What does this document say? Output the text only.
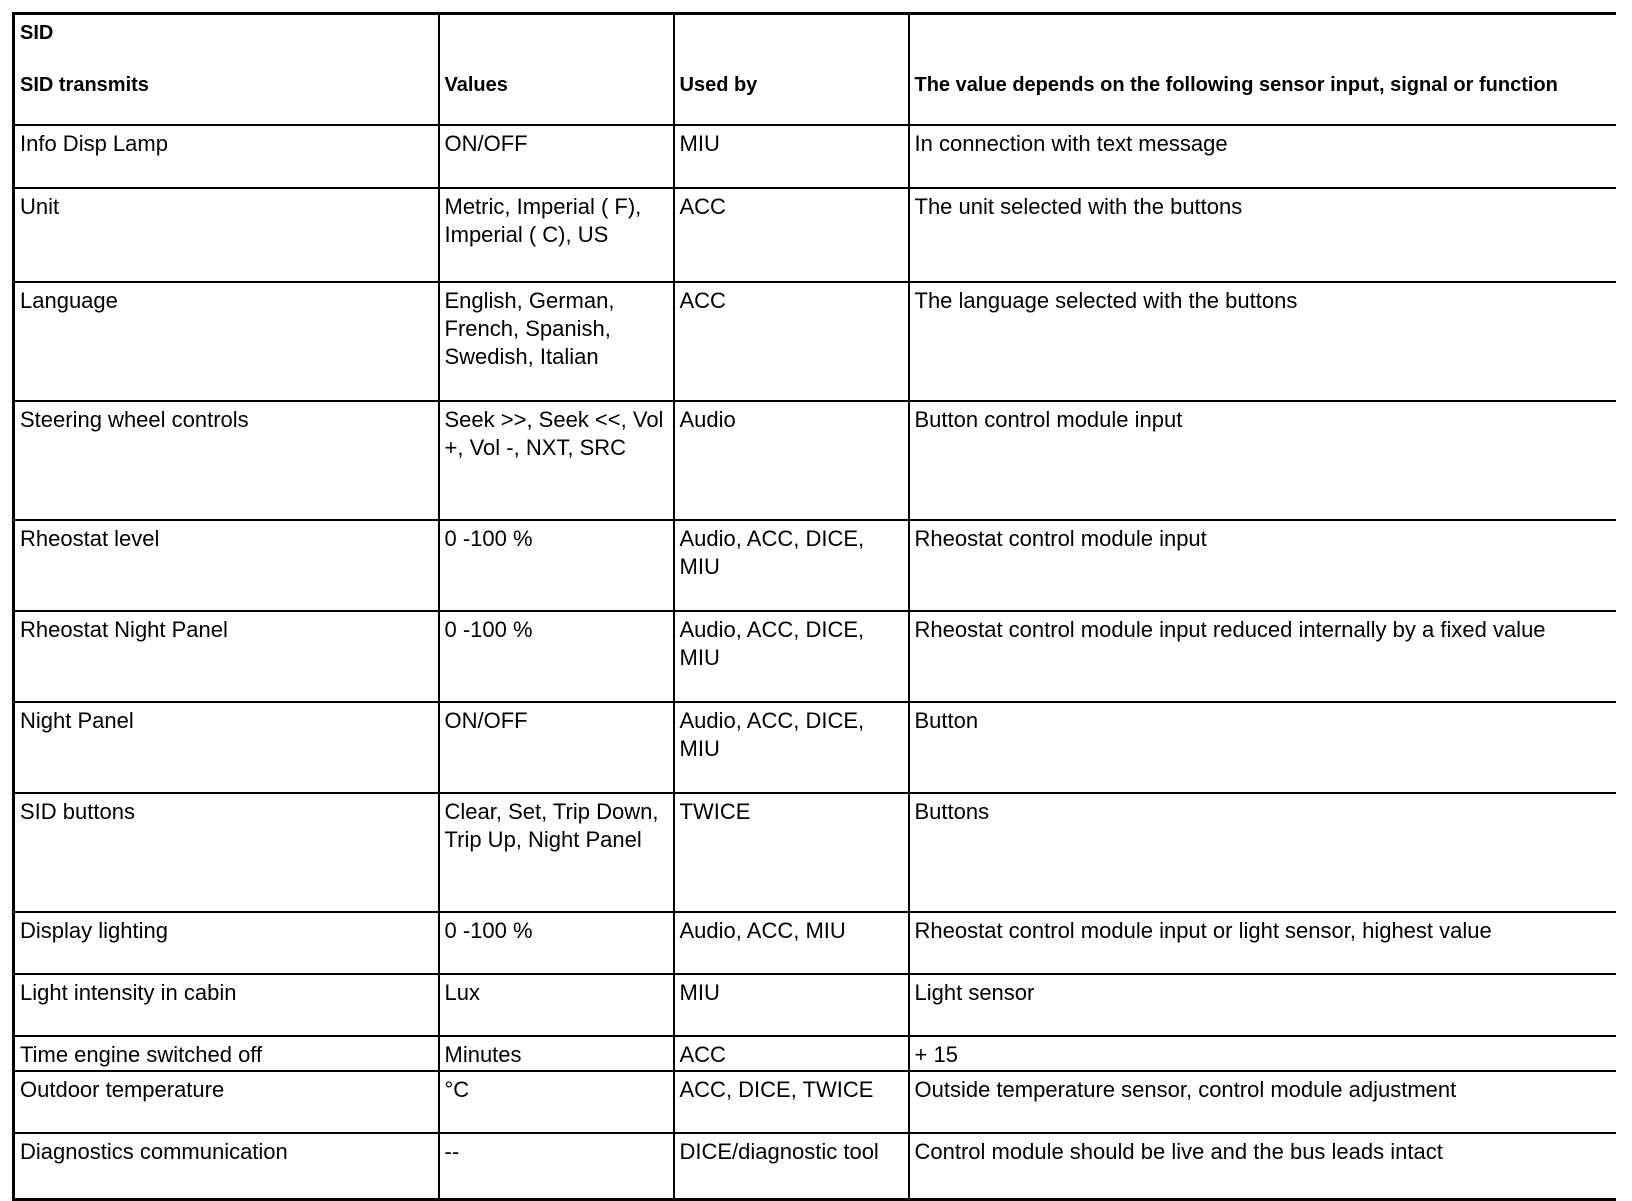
SID
SID transmits	Values	Used by	The value depends on the following sensor input, signal or function

Info Disp Lamp	ON/OFF	MIU	In connection with text message
Unit	Metric, Imperial ( F), Imperial ( C), US	ACC	The unit selected with the buttons
Language	English, German, French, Spanish, Swedish, Italian	ACC	The language selected with the buttons
Steering wheel controls	Seek >>, Seek <<, Vol +, Vol -, NXT, SRC	Audio	Button control module input
Rheostat level	0 -100 %	Audio, ACC, DICE, MIU	Rheostat control module input
Rheostat Night Panel	0 -100 %	Audio, ACC, DICE, MIU	Rheostat control module input reduced internally by a fixed value
Night Panel	ON/OFF	Audio, ACC, DICE, MIU	Button
SID buttons	Clear, Set, Trip Down, Trip Up, Night Panel	TWICE	Buttons
Display lighting	0 -100 %	Audio, ACC, MIU	Rheostat control module input or light sensor, highest value
Light intensity in cabin	Lux	MIU	Light sensor
Time engine switched off	Minutes	ACC	+ 15
Outdoor temperature	°C	ACC, DICE, TWICE	Outside temperature sensor, control module adjustment
Diagnostics communication	--	DICE/diagnostic tool	Control module should be live and the bus leads intact
